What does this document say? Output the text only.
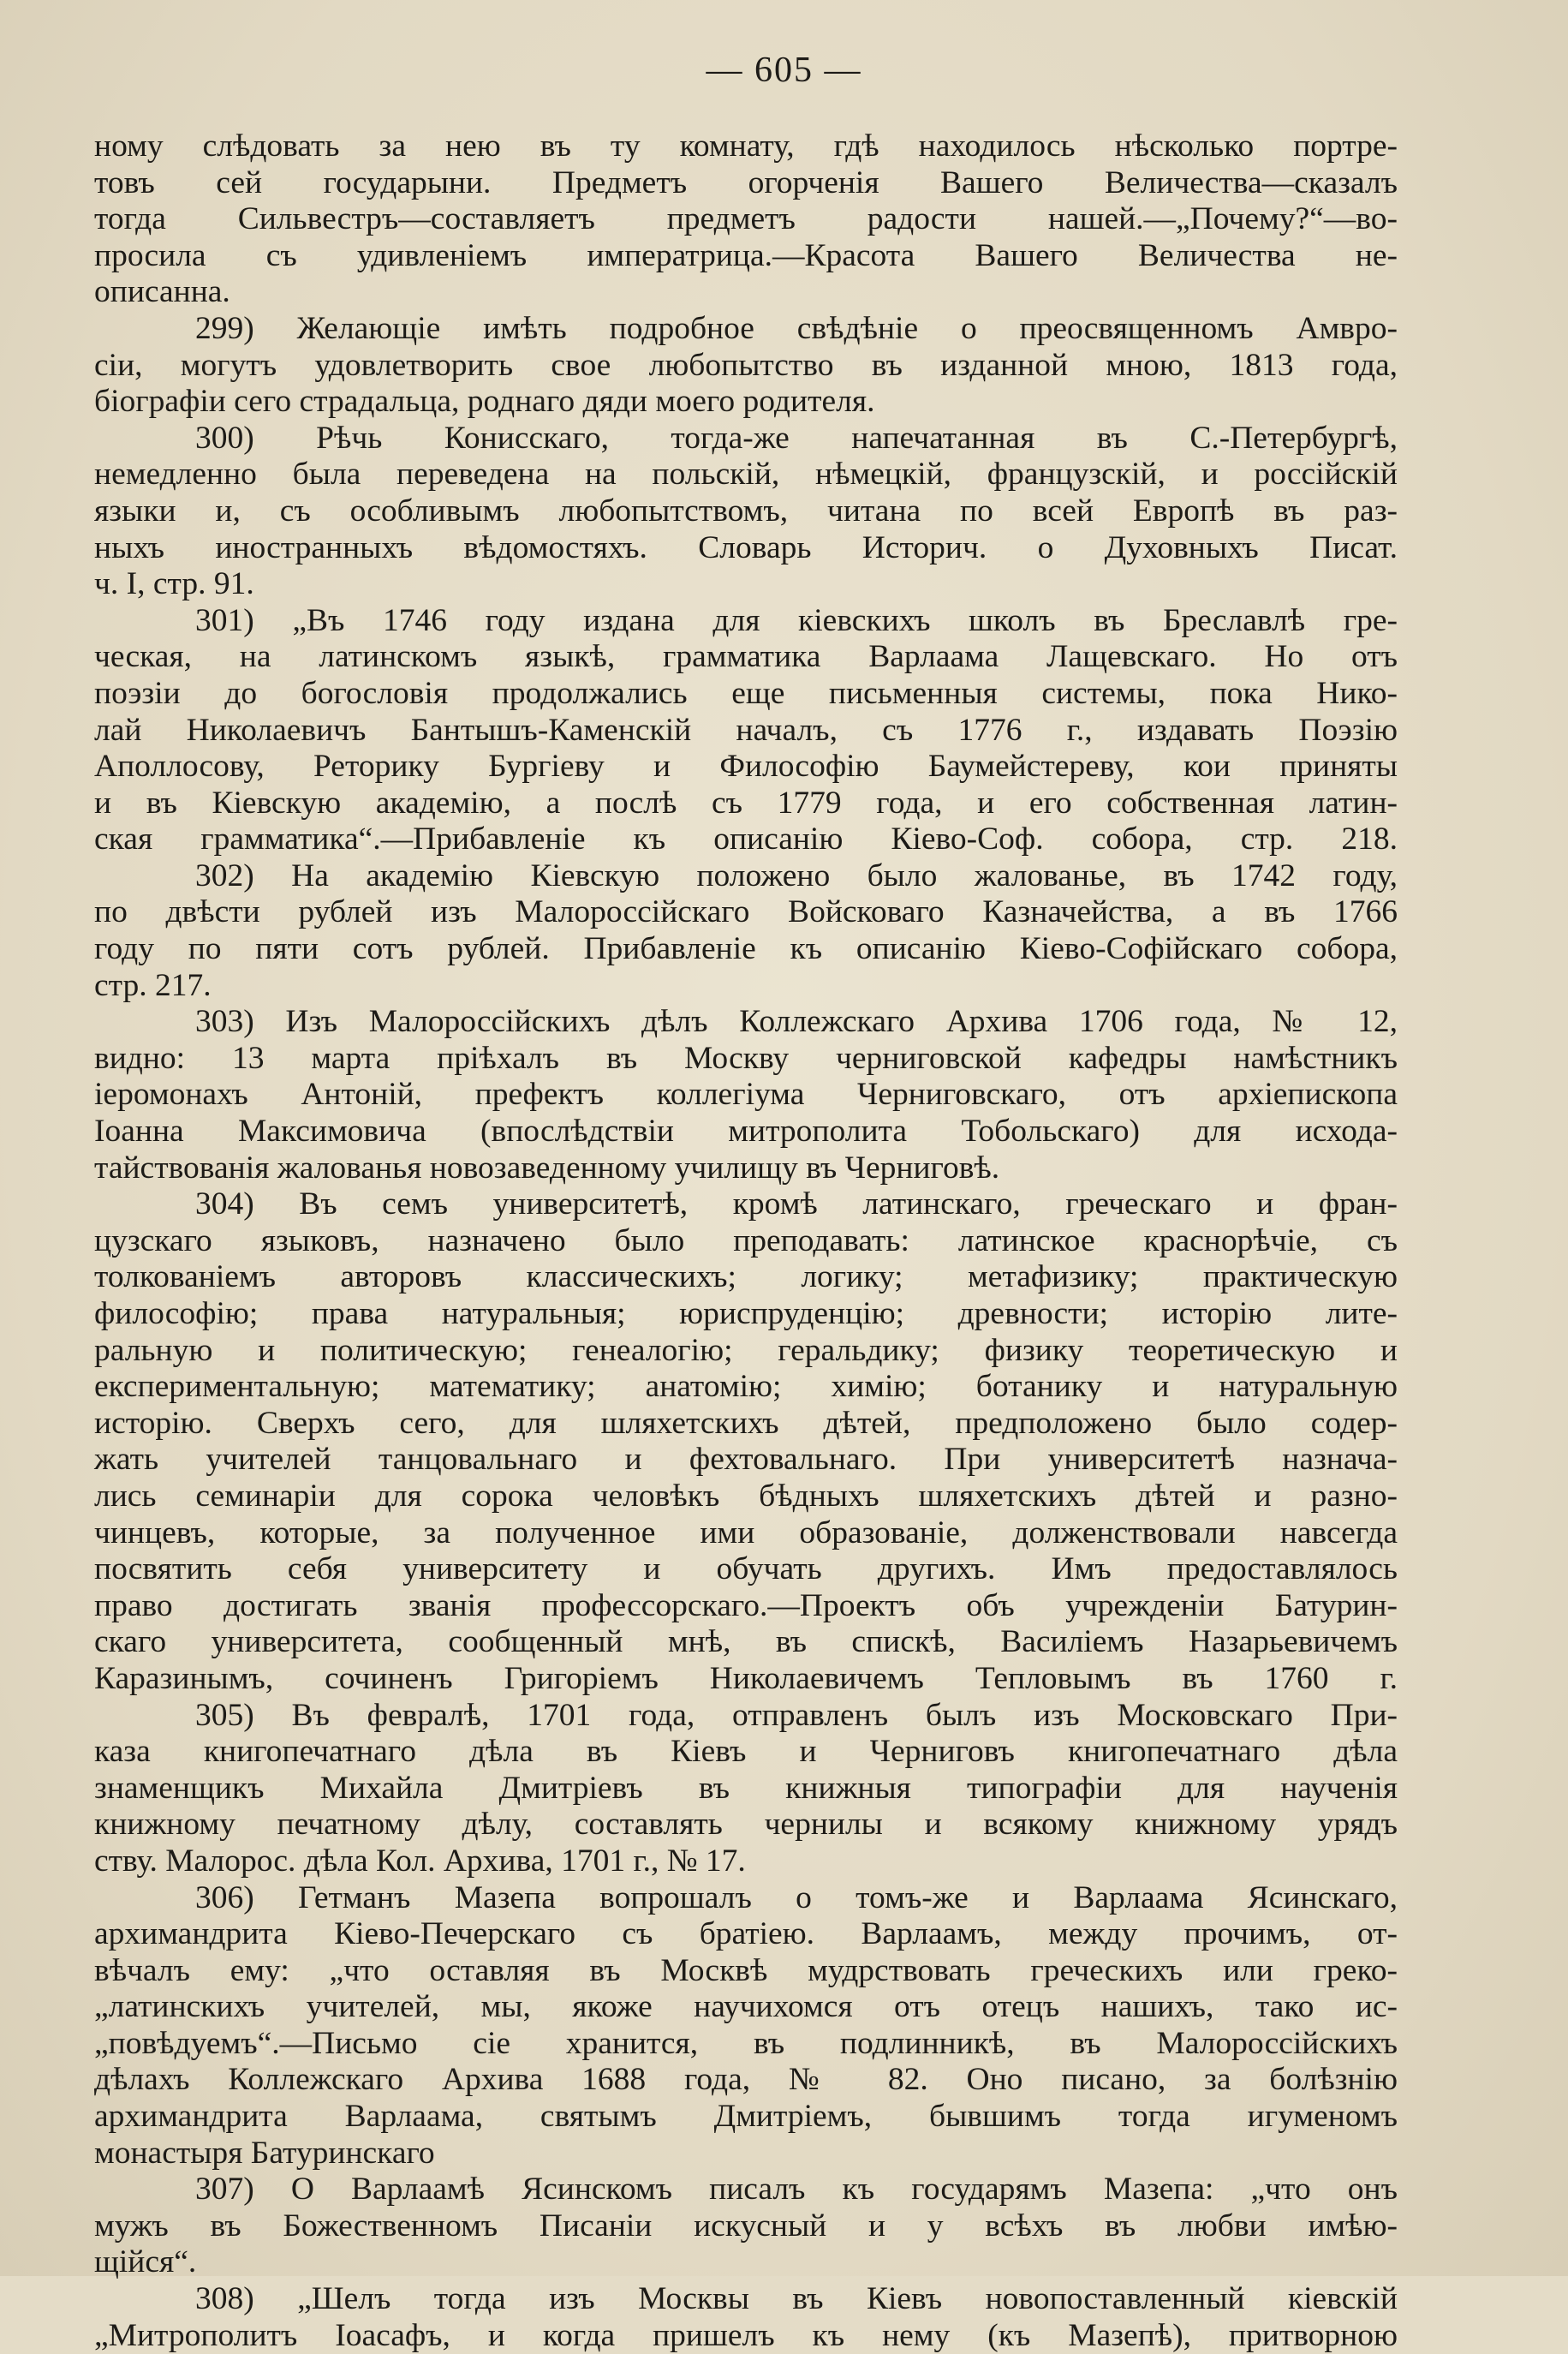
— 605 —
ному слѣдовать за нею въ ту комнату, гдѣ находилось нѣсколько портре-
товъ сей государыни. Предметъ огорченія Вашего Величества—сказалъ
тогда Сильвестръ—составляетъ предметъ радости нашей.—„Почему?“—во-
просила съ удивленіемъ императрица.—Красота Вашего Величества не-
описанна.
299) Желающіе имѣть подробное свѣдѣніе о преосвященномъ Амвро-
сіи, могутъ удовлетворить свое любопытство въ изданной мною, 1813 года,
біографіи сего страдальца, роднаго дяди моего родителя.
300) Рѣчь Конисскаго, тогда-же напечатанная въ С.-Петербургѣ,
немедленно была переведена на польскій, нѣмецкій, французскій, и россійскій
языки и, съ особливымъ любопытствомъ, читана по всей Европѣ въ раз-
ныхъ иностранныхъ вѣдомостяхъ. Словарь Историч. о Духовныхъ Писат.
ч. I, стр. 91.
301) „Въ 1746 году издана для кіевскихъ школъ въ Бреславлѣ гре-
ческая, на латинскомъ языкѣ, грамматика Варлаама Лащевскаго. Но отъ
поэзіи до богословія продолжались еще письменныя системы, пока Нико-
лай Николаевичъ Бантышъ-Каменскій началъ, съ 1776 г., издавать Поэзію
Аполлосову, Реторику Бургіеву и Философію Баумейстереву, кои приняты
и въ Кіевскую академію, а послѣ съ 1779 года, и его собственная латин-
ская грамматика“.—Прибавленіе къ описанію Кіево-Соф. собора, стр. 218.
302) На академію Кіевскую положено было жалованье, въ 1742 году,
по двѣсти рублей изъ Малороссійскаго Войсковаго Казначейства, а въ 1766
году по пяти сотъ рублей. Прибавленіе къ описанію Кіево-Софійскаго собора,
стр. 217.
303) Изъ Малороссійскихъ дѣлъ Коллежскаго Архива 1706 года, № 12,
видно: 13 марта пріѣхалъ въ Москву черниговской кафедры намѣстникъ
іеромонахъ Антоній, префектъ коллегіума Черниговскаго, отъ архіепископа
Іоанна Максимовича (впослѣдствіи митрополита Тобольскаго) для исхода-
тайствованія жалованья новозаведенному училищу въ Черниговѣ.
304) Въ семъ университетѣ, кромѣ латинскаго, греческаго и фран-
цузскаго языковъ, назначено было преподавать: латинское краснорѣчіе, съ
толкованіемъ авторовъ классическихъ; логику; метафизику; практическую
философію; права натуральныя; юриспруденцію; древности; исторію лите-
ральную и политическую; генеалогію; геральдику; физику теоретическую и
експериментальную; математику; анатомію; химію; ботанику и натуральную
исторію. Сверхъ сего, для шляхетскихъ дѣтей, предположено было содер-
жать учителей танцовальнаго и фехтовальнаго. При университетѣ назнача-
лись семинаріи для сорока человѣкъ бѣдныхъ шляхетскихъ дѣтей и разно-
чинцевъ, которые, за полученное ими образованіе, долженствовали навсегда
посвятить себя университету и обучать другихъ. Имъ предоставлялось
право достигать званія профессорскаго.—Проектъ объ учрежденіи Батурин-
скаго университета, сообщенный мнѣ, въ спискѣ, Василіемъ Назарьевичемъ
Каразинымъ, сочиненъ Григоріемъ Николаевичемъ Тепловымъ въ 1760 г.
305) Въ февралѣ, 1701 года, отправленъ былъ изъ Московскаго При-
каза книгопечатнаго дѣла въ Кіевъ и Черниговъ книгопечатнаго дѣла
знаменщикъ Михайла Дмитріевъ въ книжныя типографіи для наученія
книжному печатному дѣлу, составлять чернилы и всякому книжному урядъ
ству. Малорос. дѣла Кол. Архива, 1701 г., № 17.
306) Гетманъ Мазепа вопрошалъ о томъ-же и Варлаама Ясинскаго,
архимандрита Кіево-Печерскаго съ братіею. Варлаамъ, между прочимъ, от-
вѣчалъ ему: „что оставляя въ Москвѣ мудрствовать греческихъ или греко-
„латинскихъ учителей, мы, якоже научихомся отъ отецъ нашихъ, тако ис-
„повѣдуемъ“.—Письмо сіе хранится, въ подлинникѣ, въ Малороссійскихъ
дѣлахъ Коллежскаго Архива 1688 года, № 82. Оно писано, за болѣзнію
архимандрита Варлаама, святымъ Дмитріемъ, бывшимъ тогда игуменомъ
монастыря Батуринскаго
307) О Варлаамѣ Ясинскомъ писалъ къ государямъ Мазепа: „что онъ
мужъ въ Божественномъ Писаніи искусный и у всѣхъ въ любви имѣю-
щійся“.
308) „Шелъ тогда изъ Москвы въ Кіевъ новопоставленный кіевскій
„Митрополитъ Іоасафъ, и когда пришелъ къ нему (къ Мазепѣ), притворною
